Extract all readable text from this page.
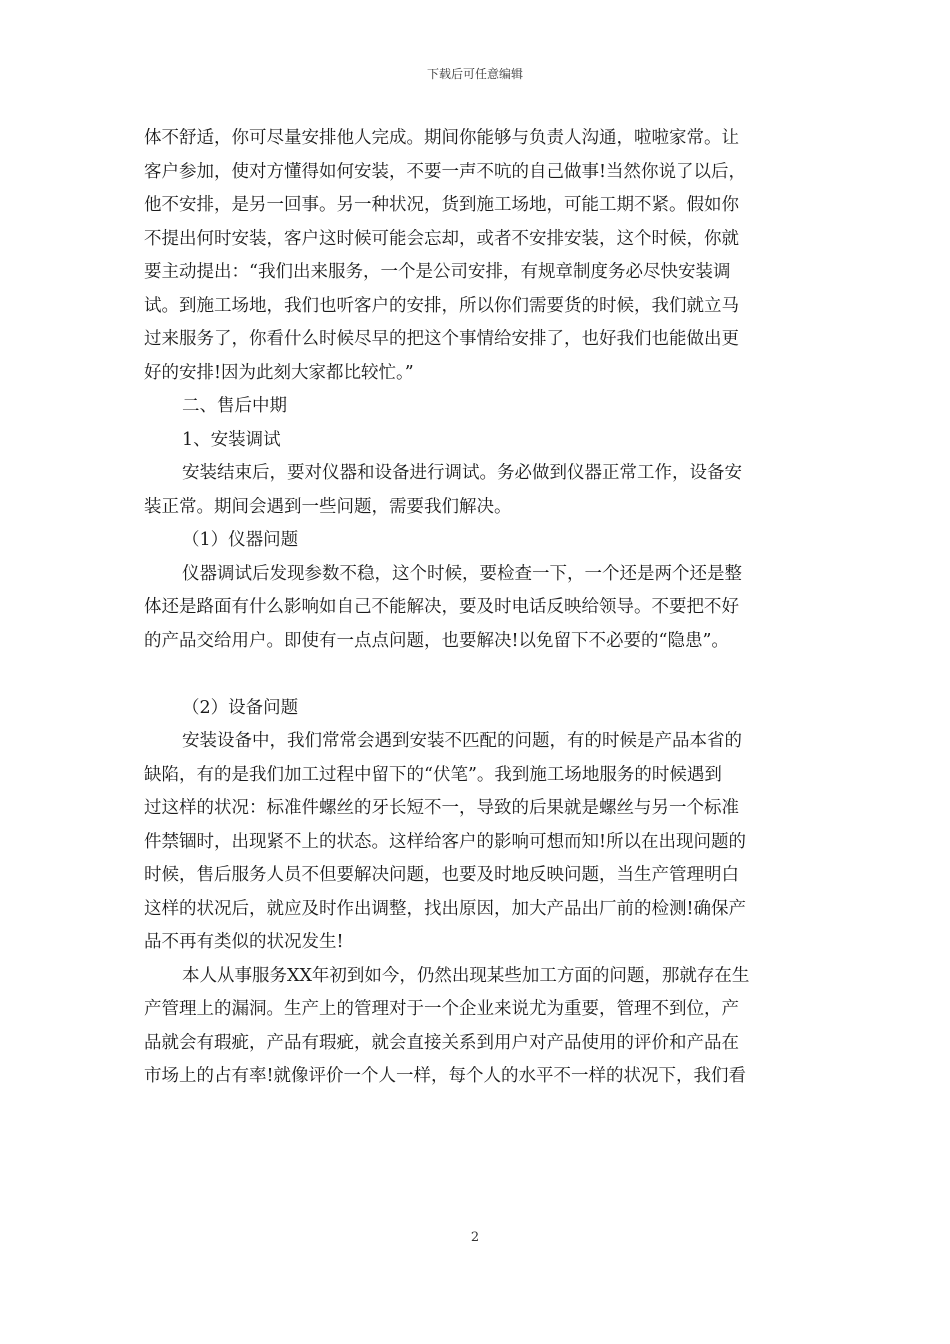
下载后可任意编辑
体不舒适，你可尽量安排他人完成。期间你能够与负责人沟通，啦啦家常。让
客户参加，使对方懂得如何安装，不要一声不吭的自己做事!当然你说了以后，
他不安排，是另一回事。另一种状况，货到施工场地，可能工期不紧。假如你
不提出何时安装，客户这时候可能会忘却，或者不安排安装，这个时候，你就
要主动提出：“我们出来服务，一个是公司安排，有规章制度务必尽快安装调
试。到施工场地，我们也听客户的安排，所以你们需要货的时候，我们就立马
过来服务了，你看什么时候尽早的把这个事情给安排了，也好我们也能做出更
好的安排!因为此刻大家都比较忙。”
二、售后中期
1、安装调试
安装结束后，要对仪器和设备进行调试。务必做到仪器正常工作，设备安
装正常。期间会遇到一些问题，需要我们解决。
（1）仪器问题
仪器调试后发现参数不稳，这个时候，要检查一下，一个还是两个还是整
体还是路面有什么影响如自己不能解决，要及时电话反映给领导。不要把不好
的产品交给用户。即使有一点点问题，也要解决!以免留下不必要的“隐患”。
（2）设备问题
安装设备中，我们常常会遇到安装不匹配的问题，有的时候是产品本省的
缺陷，有的是我们加工过程中留下的“伏笔”。我到施工场地服务的时候遇到
过这样的状况：标准件螺丝的牙长短不一，导致的后果就是螺丝与另一个标准
件禁锢时，出现紧不上的状态。这样给客户的影响可想而知!所以在出现问题的
时候，售后服务人员不但要解决问题，也要及时地反映问题，当生产管理明白
这样的状况后，就应及时作出调整，找出原因，加大产品出厂前的检测!确保产
品不再有类似的状况发生!
本人从事服务XX年初到如今，仍然出现某些加工方面的问题，那就存在生
产管理上的漏洞。生产上的管理对于一个企业来说尤为重要，管理不到位，产
品就会有瑕疵，产品有瑕疵，就会直接关系到用户对产品使用的评价和产品在
市场上的占有率!就像评价一个人一样，每个人的水平不一样的状况下，我们看
2
